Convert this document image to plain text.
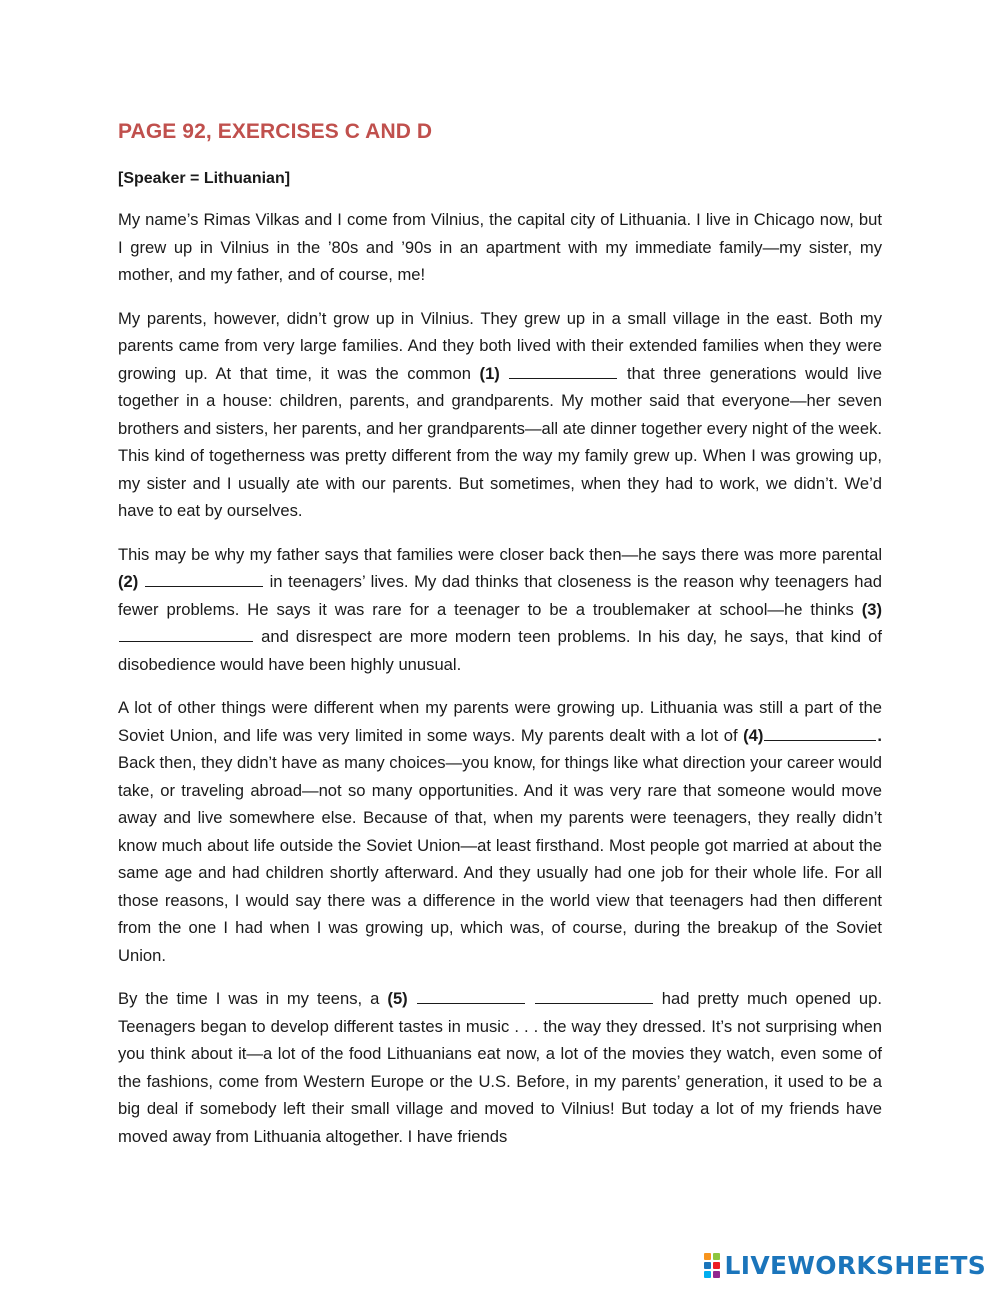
PAGE 92, EXERCISES C AND D

[Speaker = Lithuanian]

My name’s Rimas Vilkas and I come from Vilnius, the capital city of Lithuania. I live in Chicago now, but I grew up in Vilnius in the ’80s and ’90s in an apartment with my immediate family—my sister, my mother, and my father, and of course, me!

My parents, however, didn’t grow up in Vilnius. They grew up in a small village in the east. Both my parents came from very large families. And they both lived with their extended families when they were growing up. At that time, it was the common (1)	that three generations would live together in a house: children, parents, and grandparents. My mother said that everyone—her seven brothers and sisters, her parents, and her grandparents—all ate dinner together every night of the week. This kind of togetherness was pretty different from the way my family grew up. When I was growing up, my sister and I usually ate with our parents. But sometimes, when they had to work, we didn’t. We’d have to eat by ourselves.

This may be why my father says that families were closer back then—he says there was more parental (2)	in teenagers’ lives. My dad thinks that closeness is the reason why teenagers had fewer problems. He says it was rare for a teenager to be a troublemaker at school—he thinks (3)  and disrespect are more modern teen problems. In his day, he says, that kind of disobedience would have been highly unusual.

A lot of other things were different when my parents were growing up. Lithuania was still a part of the Soviet Union, and life was very limited in some ways. My parents dealt with a lot of (4)	. Back then, they didn’t have as many choices—you know, for things like what direction your career would take, or traveling abroad—not so many opportunities. And it was very rare that someone would move away and live somewhere else. Because of that, when my parents were teenagers, they really didn’t know much about life outside the Soviet Union—at least firsthand. Most people got married at about the same age and had children shortly afterward. And they usually had one job for their whole life. For all those reasons, I would say there was a difference in the world view that teenagers had then different from the one I had when I was growing up, which was, of course, during the breakup of the Soviet Union.

By the time I was in my teens, a (5)	had pretty much opened up. Teenagers began to develop different tastes in music . . . the way they dressed. It’s not surprising when you think about it—a lot of the food Lithuanians eat now, a lot of the movies they watch, even some of the fashions, come from Western Europe or the U.S. Before, in my parents’ generation, it used to be a big deal if somebody left their small village and moved to Vilnius! But today a lot of my friends have moved away from Lithuania altogether. I have friends

LIVEWORKSHEETS
